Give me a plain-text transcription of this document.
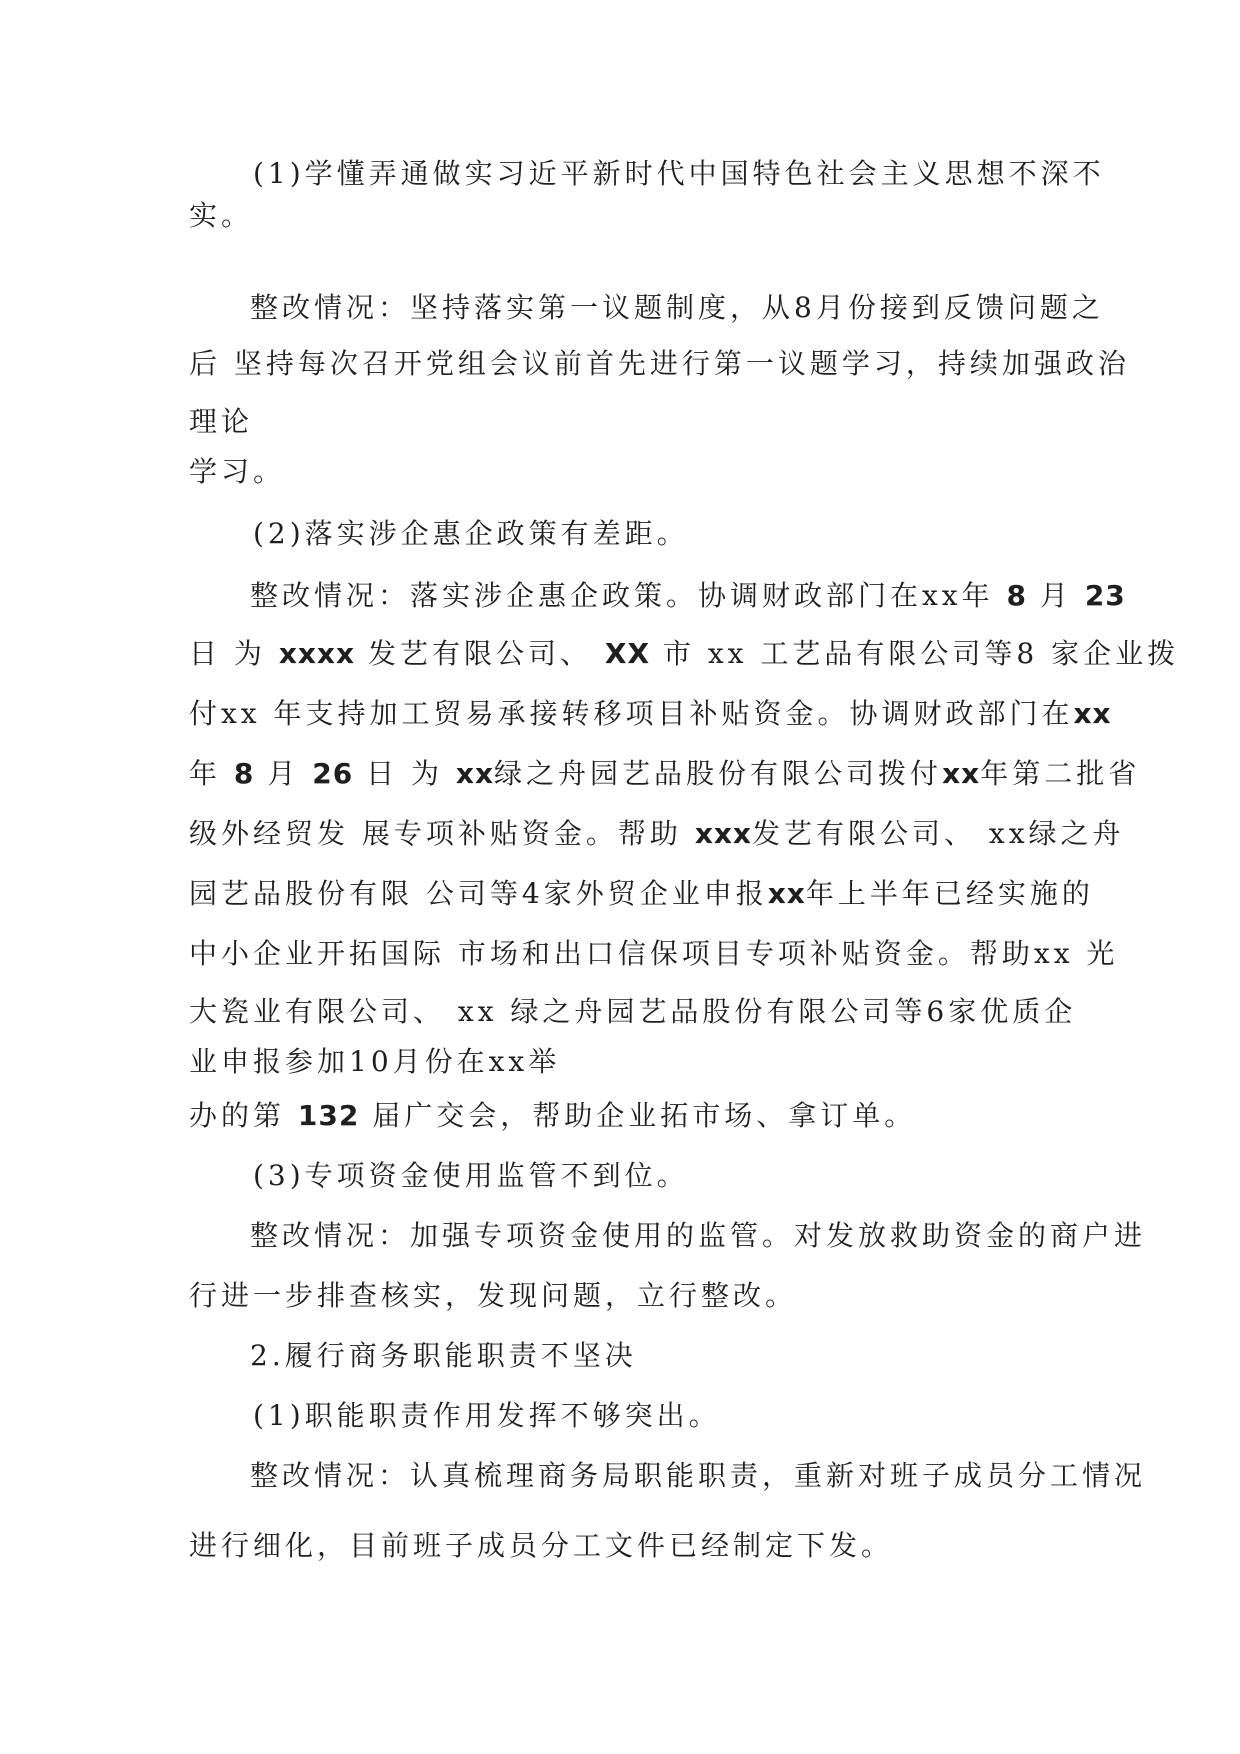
(1)学懂弄通做实习近平新时代中国特色社会主义思想不深不
实。
整改情况：坚持落实第一议题制度，从8月份接到反馈问题之
后 坚持每次召开党组会议前首先进行第一议题学习，持续加强政治
理论
学习。
(2)落实涉企惠企政策有差距。
整改情况：落实涉企惠企政策。协调财政部门在xx年 8 月 23
日 为 xxxx 发艺有限公司、 XX 市 xx 工艺品有限公司等8 家企业拨
付xx 年支持加工贸易承接转移项目补贴资金。协调财政部门在xx
年 8 月 26 日 为 xx绿之舟园艺品股份有限公司拨付xx年第二批省
级外经贸发 展专项补贴资金。帮助 xxx发艺有限公司、 xx绿之舟
园艺品股份有限 公司等4家外贸企业申报xx年上半年已经实施的
中小企业开拓国际 市场和出口信保项目专项补贴资金。帮助xx 光
大瓷业有限公司、 xx 绿之舟园艺品股份有限公司等6家优质企
业申报参加10月份在xx举
办的第 132 届广交会，帮助企业拓市场、拿订单。
(3)专项资金使用监管不到位。
整改情况：加强专项资金使用的监管。对发放救助资金的商户进
行进一步排查核实，发现问题，立行整改。
2.履行商务职能职责不坚决
(1)职能职责作用发挥不够突出。
整改情况：认真梳理商务局职能职责，重新对班子成员分工情况
进行细化，目前班子成员分工文件已经制定下发。
